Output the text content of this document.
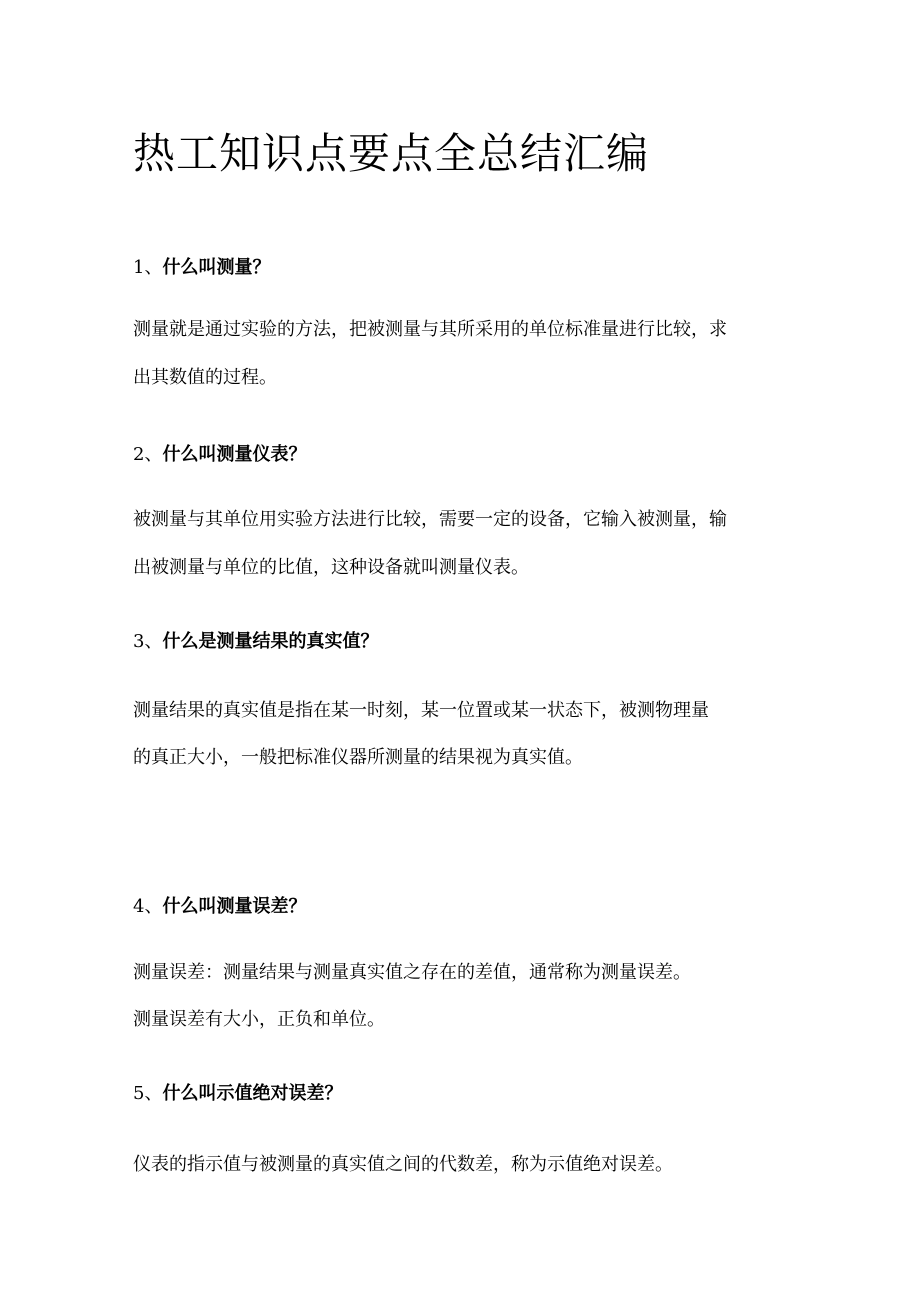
热工知识点要点全总结汇编
1、什么叫测量？

测量就是通过实验的方法，把被测量与其所采用的单位标准量进行比较，求

出其数值的过程。

2、什么叫测量仪表？

被测量与其单位用实验方法进行比较，需要一定的设备，它输入被测量，输

出被测量与单位的比值，这种设备就叫测量仪表。

3、什么是测量结果的真实值？

测量结果的真实值是指在某一时刻，某一位置或某一状态下，被测物理量

的真正大小，一般把标准仪器所测量的结果视为真实值。

4、什么叫测量误差？

测量误差：测量结果与测量真实值之存在的差值，通常称为测量误差。

测量误差有大小，正负和单位。

5、什么叫示值绝对误差？

仪表的指示值与被测量的真实值之间的代数差，称为示值绝对误差。
